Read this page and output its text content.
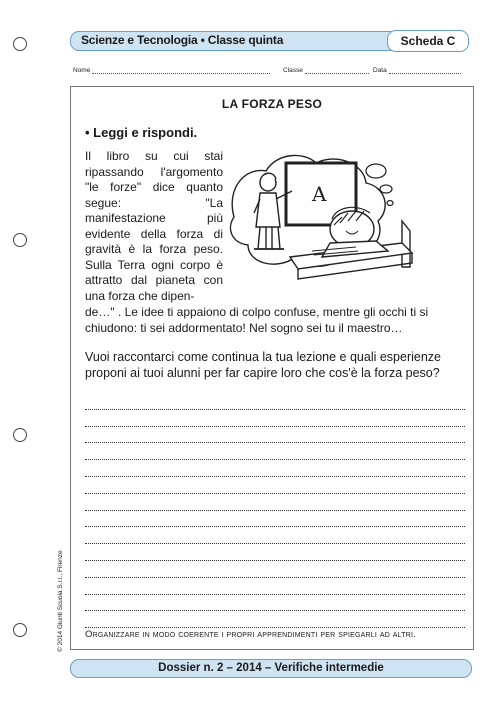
Scienze e Tecnologia • Classe quinta	Scheda C
Nome	Classe	Data
LA FORZA PESO
• Leggi e rispondi.
Il libro su cui stai ripassando l'argomento "le forze" dice quanto segue: "La manifestazione più evidente della forza di gravità è la forza peso. Sulla Terra ogni corpo è attratto dal pianeta con una forza che dipen-
A
de…" . Le idee ti appaiono di colpo confuse, mentre gli occhi ti si chiudono: ti sei addormentato! Nel sogno sei tu il maestro…
Vuoi raccontarci come continua la tua lezione e quali esperienze proponi ai tuoi alunni per far capire loro che cos'è la forza peso?
Organizzare in modo coerente i propri apprendimenti per spiegarli ad altri.
© 2014 Giunti Scuola S.r.l., Firenze
Dossier n. 2 – 2014 – Verifiche intermedie
